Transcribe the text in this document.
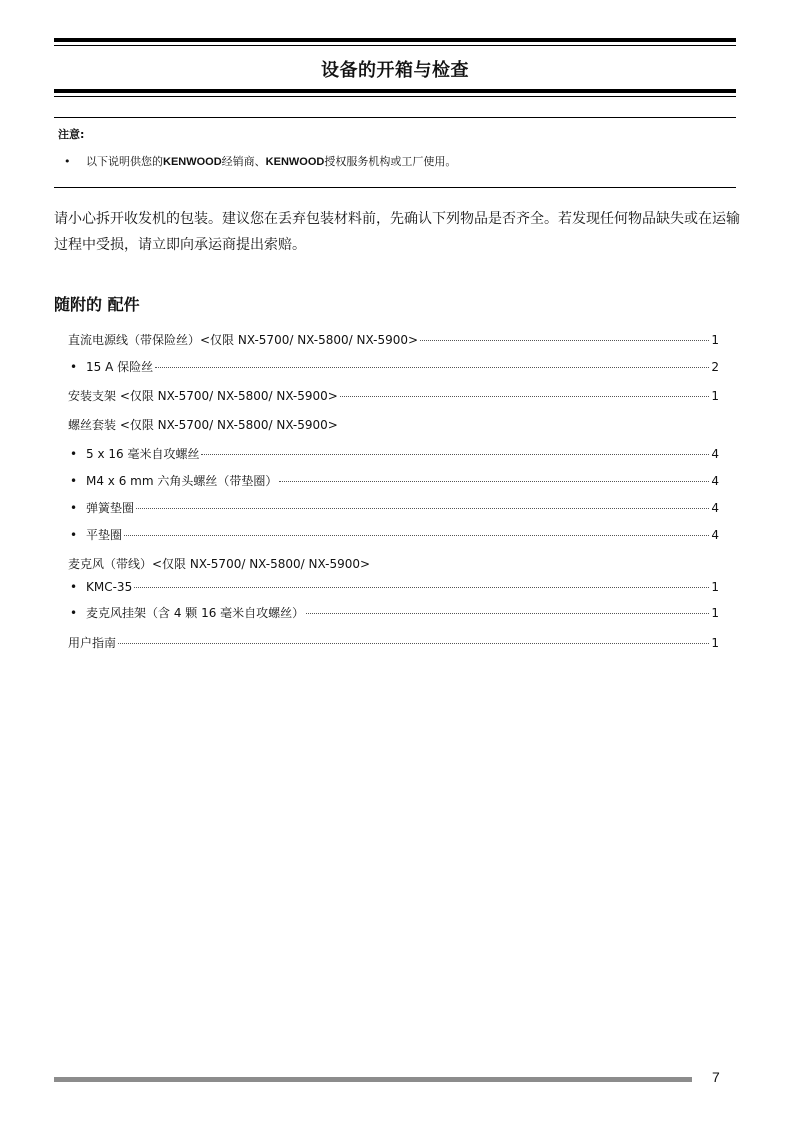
设备的开箱与检查
注意:
• 以下说明供您的KENWOOD经销商、KENWOOD授权服务机构或工厂使用。
请小心拆开收发机的包装。建议您在丢弃包装材料前，先确认下列物品是否齐全。若发现任何物品缺失或在运输过程中受损，请立即向承运商提出索赔。
随附的 配件
直流电源线（带保险丝）<仅限 NX-5700/ NX-5800/ NX-5900>	1
• 15 A 保险丝	2
安装支架 <仅限 NX-5700/ NX-5800/ NX-5900>	1
螺丝套装 <仅限 NX-5700/ NX-5800/ NX-5900>
• 5 x 16 毫米自攻螺丝	4
• M4 x 6 mm 六角头螺丝（带垫圈）	4
• 弹簧垫圈	4
• 平垫圈	4
麦克风（带线）<仅限 NX-5700/ NX-5800/ NX-5900>
• KMC-35	1
• 麦克风挂架（含 4 颗 16 毫米自攻螺丝）	1
用户指南	1
7
